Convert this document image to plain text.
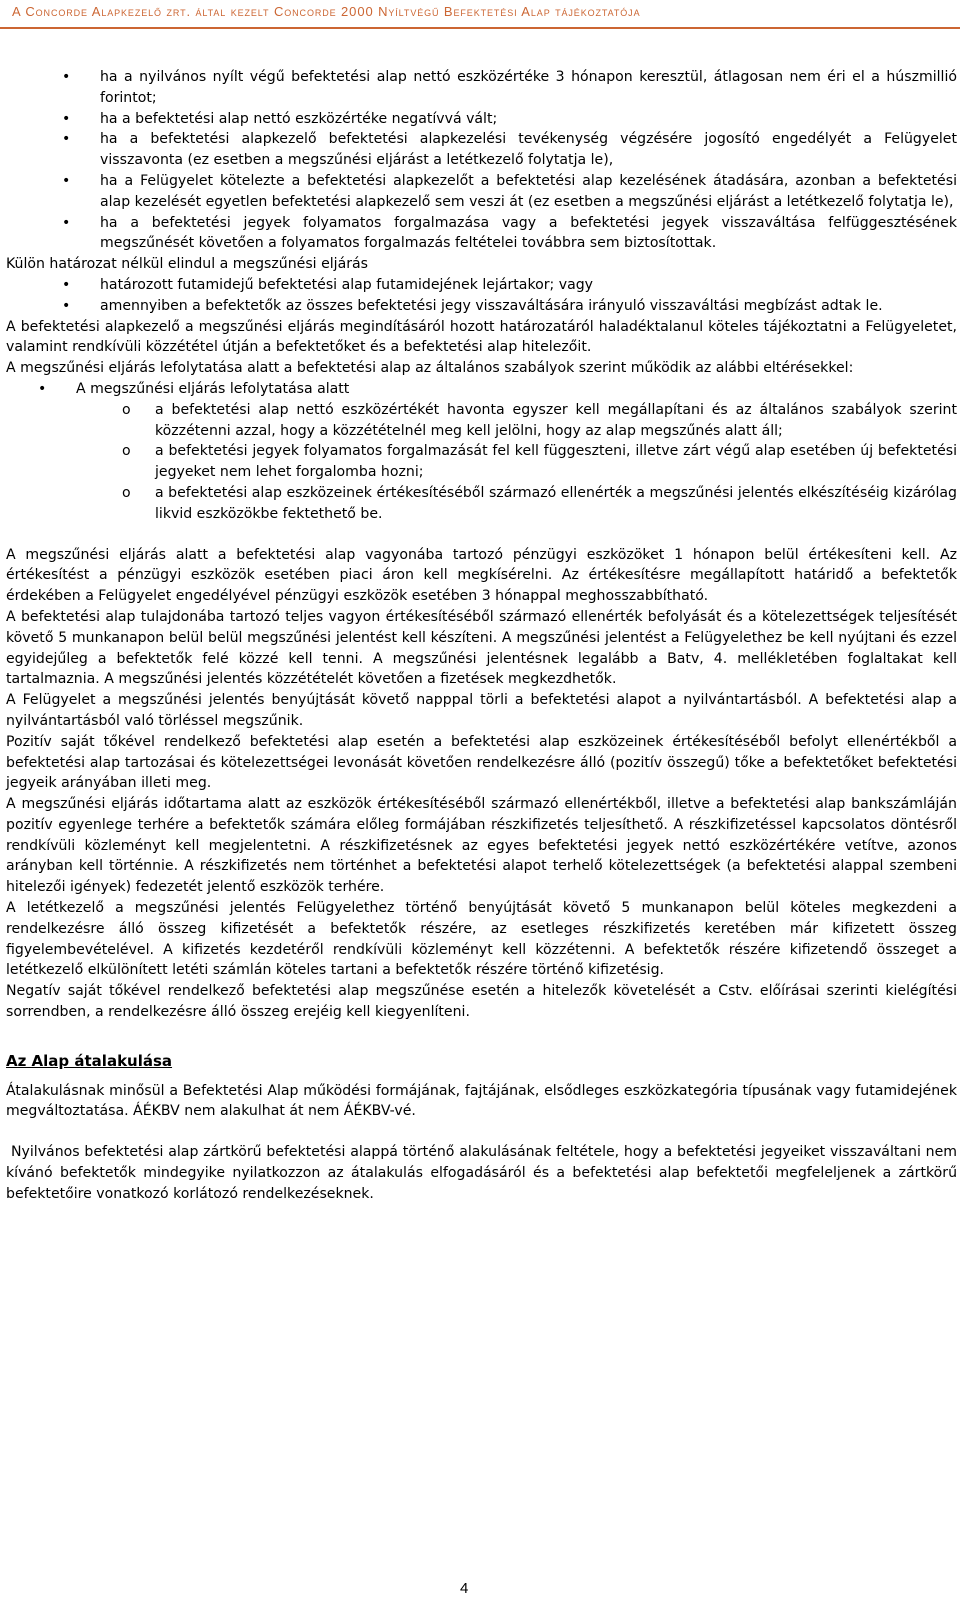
A Concorde Alapkezelő zrt. által kezelt Concorde 2000 Nyíltvégű Befektetési Alap tájékoztatója
• ha a nyilvános nyílt végű befektetési alap nettó eszközértéke 3 hónapon keresztül, átlagosan nem éri el a húszmillió forintot;
• ha a befektetési alap nettó eszközértéke negatívvá vált;
• ha a befektetési alapkezelő befektetési alapkezelési tevékenység végzésére jogosító engedélyét a Felügyelet visszavonta (ez esetben a megszűnési eljárást a letétkezelő folytatja le),
• ha a Felügyelet kötelezte a befektetési alapkezelőt a befektetési alap kezelésének átadására, azonban a befektetési alap kezelését egyetlen befektetési alapkezelő sem veszi át (ez esetben a megszűnési eljárást a letétkezelő folytatja le),
• ha a befektetési jegyek folyamatos forgalmazása vagy a befektetési jegyek visszaváltása felfüggesztésének megszűnését követően a folyamatos forgalmazás feltételei továbbra sem biztosítottak.

Külön határozat nélkül elindul a megszűnési eljárás

• határozott futamidejű befektetési alap futamidejének lejártakor; vagy
• amennyiben a befektetők az összes befektetési jegy visszaváltására irányuló visszaváltási megbízást adtak le.

A befektetési alapkezelő a megszűnési eljárás megindításáról hozott határozatáról haladéktalanul köteles tájékoztatni a Felügyeletet, valamint rendkívüli közzététel útján a befektetőket és a befektetési alap hitelezőit.

A megszűnési eljárás lefolytatása alatt a befektetési alap az általános szabályok szerint működik az alábbi eltérésekkel:

• A megszűnési eljárás lefolytatása alatt
o a befektetési alap nettó eszközértékét havonta egyszer kell megállapítani és az általános szabályok szerint közzétenni azzal, hogy a közzétételnél meg kell jelölni, hogy az alap megszűnés alatt áll;
o a befektetési jegyek folyamatos forgalmazását fel kell függeszteni, illetve zárt végű alap esetében új befektetési jegyeket nem lehet forgalomba hozni;
o a befektetési alap eszközeinek értékesítéséből származó ellenérték a megszűnési jelentés elkészítéséig kizárólag likvid eszközökbe fektethető be.

A megszűnési eljárás alatt a befektetési alap vagyonába tartozó pénzügyi eszközöket 1 hónapon belül értékesíteni kell. Az értékesítést a pénzügyi eszközök esetében piaci áron kell megkísérelni. Az értékesítésre megállapított határidő a befektetők érdekében a Felügyelet engedélyével pénzügyi eszközök esetében 3 hónappal meghosszabbítható.

A befektetési alap tulajdonába tartozó teljes vagyon értékesítéséből származó ellenérték befolyását és a kötelezettségek teljesítését követő 5 munkanapon belül belül megszűnési jelentést kell készíteni. A megszűnési jelentést a Felügyelethez be kell nyújtani és ezzel egyidejűleg a befektetők felé közzé kell tenni. A megszűnési jelentésnek legalább a Batv, 4. mellékletében foglaltakat kell tartalmaznia. A megszűnési jelentés közzétételét követően a fizetések megkezdhetők.

A Felügyelet a megszűnési jelentés benyújtását követő napppal törli a befektetési alapot a nyilvántartásból. A befektetési alap a nyilvántartásból való törléssel megszűnik.

Pozitív saját tőkével rendelkező befektetési alap esetén a befektetési alap eszközeinek értékesítéséből befolyt ellenértékből a befektetési alap tartozásai és kötelezettségei levonását követően rendelkezésre álló (pozitív összegű) tőke a befektetőket befektetési jegyeik arányában illeti meg.

A megszűnési eljárás időtartama alatt az eszközök értékesítéséből származó ellenértékből, illetve a befektetési alap bankszámláján pozitív egyenlege terhére a befektetők számára előleg formájában részkifizetés teljesíthető. A részkifizetéssel kapcsolatos döntésről rendkívüli közleményt kell megjelentetni. A részkifizetésnek az egyes befektetési jegyek nettó eszközértékére vetítve, azonos arányban kell történnie. A részkifizetés nem történhet a befektetési alapot terhelő kötelezettségek (a befektetési alappal szembeni hitelezői igények) fedezetét jelentő eszközök terhére.

A letétkezelő a megszűnési jelentés Felügyelethez történő benyújtását követő 5 munkanapon belül köteles megkezdeni a rendelkezésre álló összeg kifizetését a befektetők részére, az esetleges részkifizetés keretében már kifizetett összeg figyelembevételével. A kifizetés kezdetéről rendkívüli közleményt kell közzétenni. A befektetők részére kifizetendő összeget a letétkezelő elkülönített letéti számlán köteles tartani a befektetők részére történő kifizetésig.

Negatív saját tőkével rendelkező befektetési alap megszűnése esetén a hitelezők követelését a Cstv. előírásai szerinti kielégítési sorrendben, a rendelkezésre álló összeg erejéig kell kiegyenlíteni.

Az Alap átalakulása

Átalakulásnak minősül a Befektetési Alap működési formájának, fajtájának, elsődleges eszközkategória típusának vagy futamidejének megváltoztatása. ÁÉKBV nem alakulhat át nem ÁÉKBV-vé.

Nyilvános befektetési alap zártkörű befektetési alappá történő alakulásának feltétele, hogy a befektetési jegyeiket visszaváltani nem kívánó befektetők mindegyike nyilatkozzon az átalakulás elfogadásáról és a befektetési alap befektetői megfeleljenek a zártkörű befektetőire vonatkozó korlátozó rendelkezéseknek.

4
